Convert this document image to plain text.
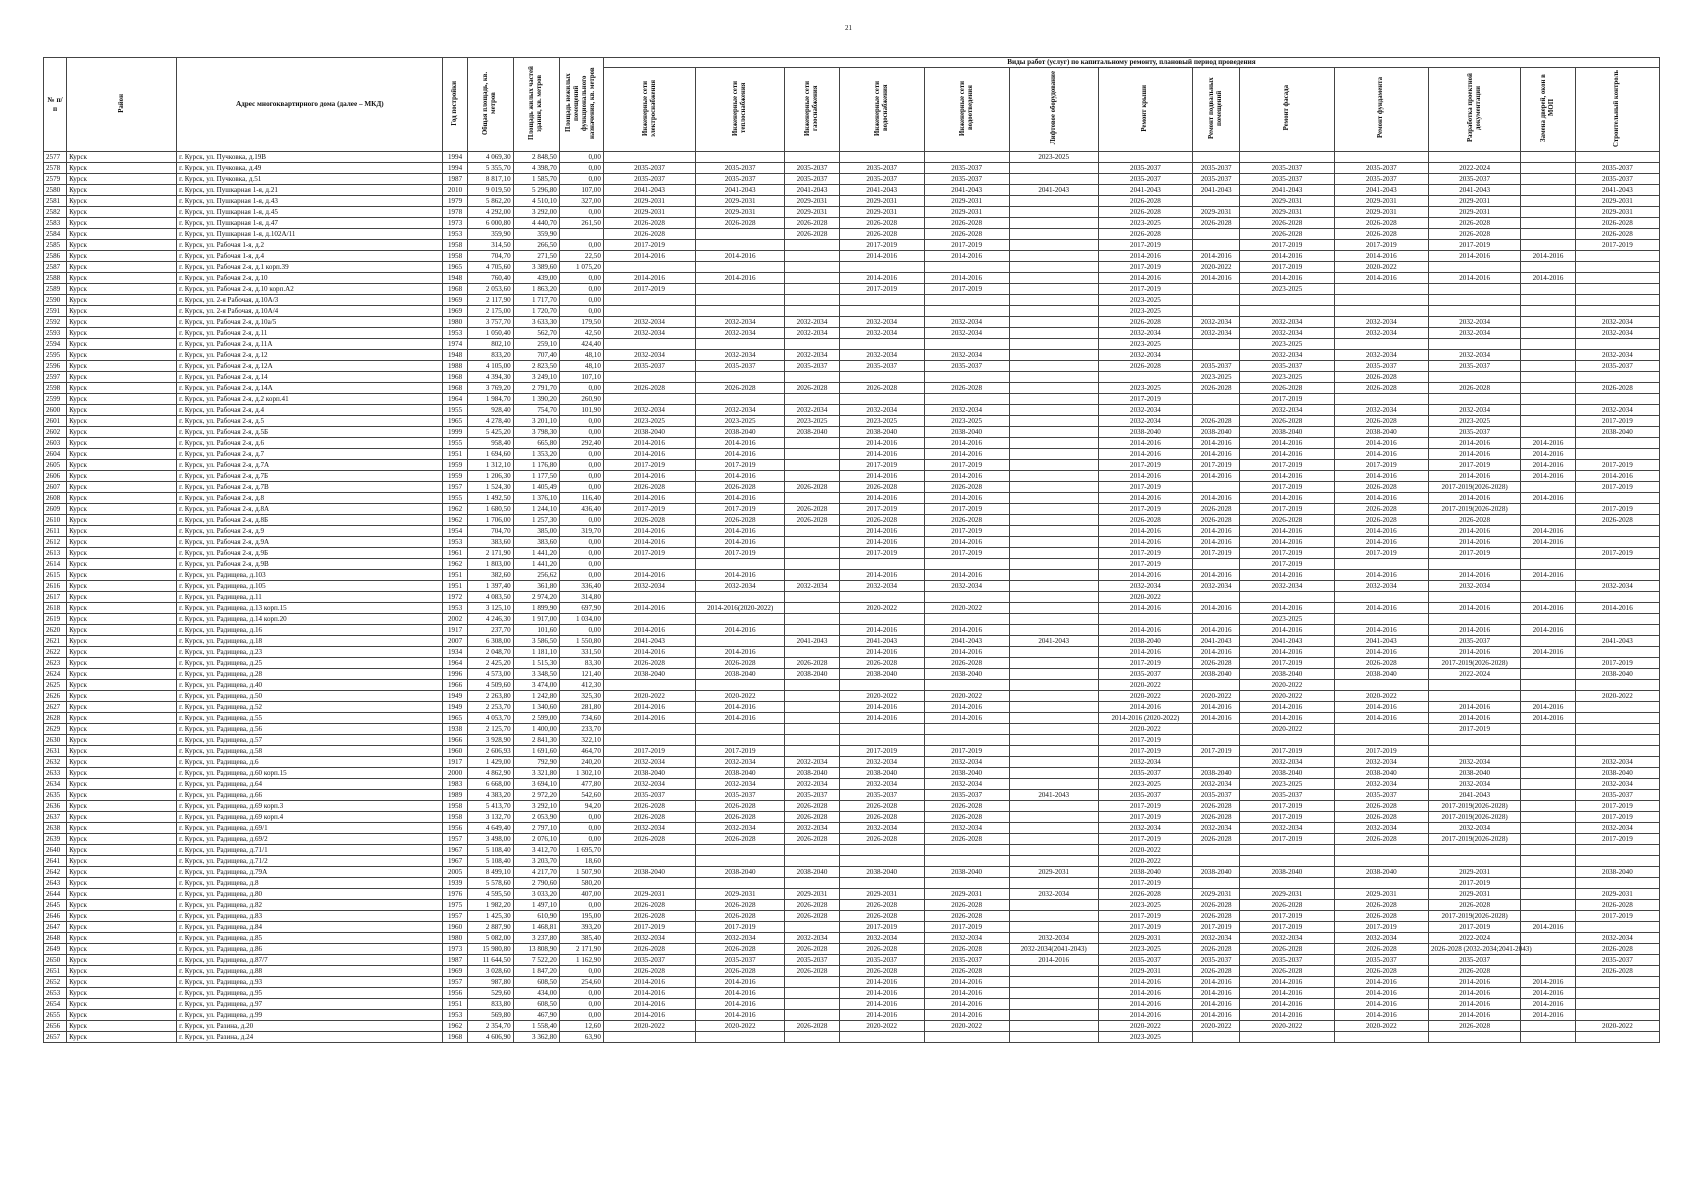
21
№ п/п	Район	Адрес многоквартирного дома (далее – МКД)	Год постройки	Общая площадь, кв. метров	Площадь жилых частей здания, кв. метров	Площадь нежилых помещений функционального назначения, кв. метров	Виды работ (услуг) по капитальному ремонту, плановый период проведения												
							Инженерные сети электроснабжения	Инженерные сети теплоснабжения	Инженерные сети газоснабжения	Инженерные сети водоснабжения	Инженерные сети водоотведения	Лифтовое оборудование	Ремонт крыши	Ремонт подвальных помещений	Ремонт фасада	Ремонт фундамента	Разработка проектной документации	Замена дверей, окон в МОП	Строительный контроль
2577	Курск	г. Курск, ул. Пучковка, д.19В	1994	4 069,30	2 848,50	0,00						2023-2025							
2578	Курск	г. Курск, ул. Пучковка, д.49	1994	5 355,70	4 398,70	0,00	2035-2037	2035-2037	2035-2037	2035-2037	2035-2037		2035-2037	2035-2037	2035-2037	2035-2037	2022-2024		2035-2037
2579	Курск	г. Курск, ул. Пучковка, д.51	1987	8 817,10	1 585,70	0,00	2035-2037	2035-2037	2035-2037	2035-2037	2035-2037		2035-2037	2035-2037	2035-2037	2035-2037	2035-2037		2035-2037
2580	Курск	г. Курск, ул. Пушкарная 1-я, д.21	2010	9 019,50	5 296,80	107,00	2041-2043	2041-2043	2041-2043	2041-2043	2041-2043	2041-2043	2041-2043	2041-2043	2041-2043	2041-2043	2041-2043		2041-2043
2581	Курск	г. Курск, ул. Пушкарная 1-я, д.43	1979	5 862,20	4 510,10	327,00	2029-2031	2029-2031	2029-2031	2029-2031	2029-2031		2026-2028		2029-2031	2029-2031	2029-2031		2029-2031
2582	Курск	г. Курск, ул. Пушкарная 1-я, д.45	1978	4 292,00	3 292,00	0,00	2029-2031	2029-2031	2029-2031	2029-2031	2029-2031		2026-2028	2029-2031	2029-2031	2029-2031	2029-2031		2029-2031
2583	Курск	г. Курск, ул. Пушкарная 1-я, д.47	1973	6 000,80	4 440,70	261,50	2026-2028	2026-2028	2026-2028	2026-2028	2026-2028		2023-2025	2026-2028	2026-2028	2026-2028	2026-2028		2026-2028
2584	Курск	г. Курск, ул. Пушкарная 1-я, д.102А/11	1953	359,90	359,90		2026-2028		2026-2028	2026-2028	2026-2028		2026-2028		2026-2028	2026-2028	2026-2028		2026-2028
2585	Курск	г. Курск, ул. Рабочая 1-я, д.2	1958	314,50	266,50	0,00	2017-2019			2017-2019	2017-2019		2017-2019		2017-2019	2017-2019	2017-2019		2017-2019
2586	Курск	г. Курск, ул. Рабочая 1-я, д.4	1958	704,70	271,50	22,50	2014-2016	2014-2016		2014-2016	2014-2016		2014-2016	2014-2016	2014-2016	2014-2016	2014-2016	2014-2016	
2587	Курск	г. Курск, ул. Рабочая 2-я, д.1 корп.39	1965	4 705,60	3 389,60	1 075,20							2017-2019	2020-2022	2017-2019	2020-2022			
2588	Курск	г. Курск, ул. Рабочая 2-я, д.10	1948	760,40	439,00	0,00	2014-2016	2014-2016		2014-2016	2014-2016		2014-2016	2014-2016	2014-2016	2014-2016	2014-2016	2014-2016	
2589	Курск	г. Курск, ул. Рабочая 2-я, д.10 корп.А2	1968	2 053,60	1 863,20	0,00	2017-2019			2017-2019	2017-2019		2017-2019		2023-2025				
2590	Курск	г. Курск, ул. 2-я Рабочая, д.10А/3	1969	2 117,90	1 717,70	0,00							2023-2025						
2591	Курск	г. Курск, ул. 2-я Рабочая, д.10А/4	1969	2 175,00	1 720,70	0,00							2023-2025						
2592	Курск	г. Курск, ул. Рабочая 2-я, д.10а/5	1980	3 757,70	3 633,30	179,50	2032-2034	2032-2034	2032-2034	2032-2034	2032-2034		2026-2028	2032-2034	2032-2034	2032-2034	2032-2034		2032-2034
2593	Курск	г. Курск, ул. Рабочая 2-я, д.11	1953	1 050,40	562,70	42,50	2032-2034	2032-2034	2032-2034	2032-2034	2032-2034		2032-2034	2032-2034	2032-2034	2032-2034	2032-2034		2032-2034
2594	Курск	г. Курск, ул. Рабочая 2-я, д.11А	1974	802,10	259,10	424,40							2023-2025		2023-2025				
2595	Курск	г. Курск, ул. Рабочая 2-я, д.12	1948	833,20	707,40	48,10	2032-2034	2032-2034	2032-2034	2032-2034	2032-2034		2032-2034		2032-2034	2032-2034	2032-2034		2032-2034
2596	Курск	г. Курск, ул. Рабочая 2-я, д.12А	1988	4 105,00	2 823,50	48,10	2035-2037	2035-2037	2035-2037	2035-2037	2035-2037		2026-2028	2035-2037	2035-2037	2035-2037	2035-2037		2035-2037
2597	Курск	г. Курск, ул. Рабочая 2-я, д.14	1968	4 394,30	3 249,10	107,10								2023-2025	2023-2025	2026-2028			
2598	Курск	г. Курск, ул. Рабочая 2-я, д.14А	1968	3 769,20	2 791,70	0,00	2026-2028	2026-2028	2026-2028	2026-2028	2026-2028		2023-2025	2026-2028	2026-2028	2026-2028	2026-2028		2026-2028
2599	Курск	г. Курск, ул. Рабочая 2-я, д.2 корп.41	1964	1 984,70	1 390,20	260,90							2017-2019		2017-2019				
2600	Курск	г. Курск, ул. Рабочая 2-я, д.4	1955	928,40	754,70	101,90	2032-2034	2032-2034	2032-2034	2032-2034	2032-2034		2032-2034		2032-2034	2032-2034	2032-2034		2032-2034
2601	Курск	г. Курск, ул. Рабочая 2-я, д.5	1965	4 278,40	3 201,10	0,00	2023-2025	2023-2025	2023-2025	2023-2025	2023-2025		2032-2034	2026-2028	2026-2028	2026-2028	2023-2025		2017-2019
2602	Курск	г. Курск, ул. Рабочая 2-я, д.5Б	1999	5 425,20	3 798,30	0,00	2038-2040	2038-2040	2038-2040	2038-2040	2038-2040		2038-2040	2038-2040	2038-2040	2038-2040	2035-2037		2038-2040
2603	Курск	г. Курск, ул. Рабочая 2-я, д.6	1955	958,40	665,80	292,40	2014-2016	2014-2016		2014-2016	2014-2016		2014-2016	2014-2016	2014-2016	2014-2016	2014-2016	2014-2016	
2604	Курск	г. Курск, ул. Рабочая 2-я, д.7	1951	1 694,60	1 353,20	0,00	2014-2016	2014-2016		2014-2016	2014-2016		2014-2016	2014-2016	2014-2016	2014-2016	2014-2016	2014-2016	
2605	Курск	г. Курск, ул. Рабочая 2-я, д.7А	1959	1 312,10	1 176,80	0,00	2017-2019	2017-2019		2017-2019	2017-2019		2017-2019	2017-2019	2017-2019	2017-2019	2017-2019	2014-2016	2017-2019
2606	Курск	г. Курск, ул. Рабочая 2-я, д.7Б	1959	1 206,30	1 177,50	0,00	2014-2016	2014-2016		2014-2016	2014-2016		2014-2016	2014-2016	2014-2016	2014-2016	2014-2016	2014-2016	2014-2016
2607	Курск	г. Курск, ул. Рабочая 2-я, д.7В	1957	1 524,30	1 405,49	0,00	2026-2028	2026-2028	2026-2028	2026-2028	2026-2028		2017-2019		2017-2019	2026-2028	2017-2019(2026-2028)		2017-2019
2608	Курск	г. Курск, ул. Рабочая 2-я, д.8	1955	1 492,50	1 376,10	116,40	2014-2016	2014-2016		2014-2016	2014-2016		2014-2016	2014-2016	2014-2016	2014-2016	2014-2016	2014-2016	
2609	Курск	г. Курск, ул. Рабочая 2-я, д.8А	1962	1 680,50	1 244,10	436,40	2017-2019	2017-2019	2026-2028	2017-2019	2017-2019		2017-2019	2026-2028	2017-2019	2026-2028	2017-2019(2026-2028)		2017-2019
2610	Курск	г. Курск, ул. Рабочая 2-я, д.8Б	1962	1 706,00	1 257,30	0,00	2026-2028	2026-2028	2026-2028	2026-2028	2026-2028		2026-2028	2026-2028	2026-2028	2026-2028	2026-2028		2026-2028
2611	Курск	г. Курск, ул. Рабочая 2-я, д.9	1954	704,70	385,00	319,70	2014-2016	2014-2016		2014-2016	2017-2019		2014-2016	2014-2016	2014-2016	2014-2016	2014-2016	2014-2016	
2612	Курск	г. Курск, ул. Рабочая 2-я, д.9А	1953	383,60	383,60	0,00	2014-2016	2014-2016		2014-2016	2014-2016		2014-2016	2014-2016	2014-2016	2014-2016	2014-2016	2014-2016	
2613	Курск	г. Курск, ул. Рабочая 2-я, д.9Б	1961	2 171,90	1 441,20	0,00	2017-2019	2017-2019		2017-2019	2017-2019		2017-2019	2017-2019	2017-2019	2017-2019	2017-2019		2017-2019
2614	Курск	г. Курск, ул. Рабочая 2-я, д.9В	1962	1 803,00	1 441,20	0,00							2017-2019		2017-2019				
2615	Курск	г. Курск, ул. Радищева, д.103	1951	382,60	256,62	0,00	2014-2016	2014-2016		2014-2016	2014-2016		2014-2016	2014-2016	2014-2016	2014-2016	2014-2016	2014-2016	
2616	Курск	г. Курск, ул. Радищева, д.105	1951	1 397,40	361,80	336,40	2032-2034	2032-2034	2032-2034	2032-2034	2032-2034		2032-2034	2032-2034	2032-2034	2032-2034	2032-2034		2032-2034
2617	Курск	г. Курск, ул. Радищева, д.11	1972	4 083,50	2 974,20	314,80							2020-2022						
2618	Курск	г. Курск, ул. Радищева, д.13 корп.15	1953	3 125,10	1 899,90	697,90	2014-2016	2014-2016(2020-2022)		2020-2022	2020-2022		2014-2016	2014-2016	2014-2016	2014-2016	2014-2016	2014-2016	2014-2016
2619	Курск	г. Курск, ул. Радищева, д.14 корп.20	2002	4 246,30	1 917,00	1 034,00									2023-2025				
2620	Курск	г. Курск, ул. Радищева, д.16	1917	237,70	101,60	0,00	2014-2016	2014-2016		2014-2016	2014-2016		2014-2016	2014-2016	2014-2016	2014-2016	2014-2016	2014-2016	
2621	Курск	г. Курск, ул. Радищева, д.18	2007	6 308,00	3 586,50	1 550,80	2041-2043		2041-2043	2041-2043	2041-2043	2041-2043	2038-2040	2041-2043	2041-2043	2041-2043	2035-2037		2041-2043
2622	Курск	г. Курск, ул. Радищева, д.23	1934	2 048,70	1 181,10	331,50	2014-2016	2014-2016		2014-2016	2014-2016		2014-2016	2014-2016	2014-2016	2014-2016	2014-2016	2014-2016	
2623	Курск	г. Курск, ул. Радищева, д.25	1964	2 425,20	1 515,30	83,30	2026-2028	2026-2028	2026-2028	2026-2028	2026-2028		2017-2019	2026-2028	2017-2019	2026-2028	2017-2019(2026-2028)		2017-2019
2624	Курск	г. Курск, ул. Радищева, д.28	1996	4 573,00	3 348,50	121,40	2038-2040	2038-2040	2038-2040	2038-2040	2038-2040		2035-2037	2038-2040	2038-2040	2038-2040	2022-2024		2038-2040
2625	Курск	г. Курск, ул. Радищева, д.40	1966	4 509,60	3 474,00	412,30							2020-2022		2020-2022				
2626	Курск	г. Курск, ул. Радищева, д.50	1949	2 263,80	1 242,80	325,30	2020-2022	2020-2022		2020-2022	2020-2022		2020-2022	2020-2022	2020-2022	2020-2022			2020-2022
2627	Курск	г. Курск, ул. Радищева, д.52	1949	2 253,70	1 340,60	281,80	2014-2016	2014-2016		2014-2016	2014-2016		2014-2016	2014-2016	2014-2016	2014-2016	2014-2016	2014-2016	
2628	Курск	г. Курск, ул. Радищева, д.55	1965	4 053,70	2 599,00	734,60	2014-2016	2014-2016		2014-2016	2014-2016		2014-2016 (2020-2022)	2014-2016	2014-2016	2014-2016	2014-2016	2014-2016	
2629	Курск	г. Курск, ул. Радищева, д.56	1938	2 125,70	1 400,00	233,70							2020-2022		2020-2022		2017-2019		
2630	Курск	г. Курск, ул. Радищева, д.57	1966	3 928,90	2 841,30	322,10							2017-2019						
2631	Курск	г. Курск, ул. Радищева, д.58	1960	2 606,93	1 691,60	464,70	2017-2019	2017-2019		2017-2019	2017-2019		2017-2019	2017-2019	2017-2019	2017-2019			
2632	Курск	г. Курск, ул. Радищева, д.6	1917	1 429,00	792,90	240,20	2032-2034	2032-2034	2032-2034	2032-2034	2032-2034		2032-2034		2032-2034	2032-2034	2032-2034		2032-2034
2633	Курск	г. Курск, ул. Радищева, д.60 корп.15	2000	4 862,90	3 321,80	1 302,10	2038-2040	2038-2040	2038-2040	2038-2040	2038-2040		2035-2037	2038-2040	2038-2040	2038-2040	2038-2040		2038-2040
2634	Курск	г. Курск, ул. Радищева, д.64	1983	6 668,00	3 694,10	477,80	2032-2034	2032-2034	2032-2034	2032-2034	2032-2034		2023-2025	2032-2034	2023-2025	2032-2034	2032-2034		2032-2034
2635	Курск	г. Курск, ул. Радищева, д.66	1989	4 383,20	2 972,20	542,60	2035-2037	2035-2037	2035-2037	2035-2037	2035-2037	2041-2043	2035-2037	2035-2037	2035-2037	2035-2037	2041-2043		2035-2037
2636	Курск	г. Курск, ул. Радищева, д.69 корп.3	1958	5 413,70	3 292,10	94,20	2026-2028	2026-2028	2026-2028	2026-2028	2026-2028		2017-2019	2026-2028	2017-2019	2026-2028	2017-2019(2026-2028)		2017-2019
2637	Курск	г. Курск, ул. Радищева, д.69 корп.4	1958	3 132,70	2 053,90	0,00	2026-2028	2026-2028	2026-2028	2026-2028	2026-2028		2017-2019	2026-2028	2017-2019	2026-2028	2017-2019(2026-2028)		2017-2019
2638	Курск	г. Курск, ул. Радищева, д.69/1	1956	4 649,40	2 797,10	0,00	2032-2034	2032-2034	2032-2034	2032-2034	2032-2034		2032-2034	2032-2034	2032-2034	2032-2034	2032-2034		2032-2034
2639	Курск	г. Курск, ул. Радищева, д.69/2	1957	3 498,00	2 076,10	0,00	2026-2028	2026-2028	2026-2028	2026-2028	2026-2028		2017-2019	2026-2028	2017-2019	2026-2028	2017-2019(2026-2028)		2017-2019
2640	Курск	г. Курск, ул. Радищева, д.71/1	1967	5 108,40	3 412,70	1 695,70							2020-2022						
2641	Курск	г. Курск, ул. Радищева, д.71/2	1967	5 108,40	3 203,70	18,60							2020-2022						
2642	Курск	г. Курск, ул. Радищева, д.79А	2005	8 499,10	4 217,70	1 507,90	2038-2040	2038-2040	2038-2040	2038-2040	2038-2040	2029-2031	2038-2040	2038-2040	2038-2040	2038-2040	2029-2031		2038-2040
2643	Курск	г. Курск, ул. Радищева, д.8	1939	5 578,60	2 790,60	580,20							2017-2019				2017-2019		
2644	Курск	г. Курск, ул. Радищева, д.80	1976	4 595,50	3 033,20	407,00	2029-2031	2029-2031	2029-2031	2029-2031	2029-2031	2032-2034	2026-2028	2029-2031	2029-2031	2029-2031	2029-2031		2029-2031
2645	Курск	г. Курск, ул. Радищева, д.82	1975	1 982,20	1 497,10	0,00	2026-2028	2026-2028	2026-2028	2026-2028	2026-2028		2023-2025	2026-2028	2026-2028	2026-2028	2026-2028		2026-2028
2646	Курск	г. Курск, ул. Радищева, д.83	1957	1 425,30	610,90	195,00	2026-2028	2026-2028	2026-2028	2026-2028	2026-2028		2017-2019	2026-2028	2017-2019	2026-2028	2017-2019(2026-2028)		2017-2019
2647	Курск	г. Курск, ул. Радищева, д.84	1960	2 887,90	1 468,81	393,20	2017-2019	2017-2019		2017-2019	2017-2019		2017-2019	2017-2019	2017-2019	2017-2019	2017-2019	2014-2016	
2648	Курск	г. Курск, ул. Радищева, д.85	1980	5 082,00	3 237,80	385,40	2032-2034	2032-2034	2032-2034	2032-2034	2032-2034	2032-2034	2029-2031	2032-2034	2032-2034	2032-2034	2022-2024		2032-2034
2649	Курск	г. Курск, ул. Радищева, д.86	1973	15 980,80	13 808,90	2 171,90	2026-2028	2026-2028	2026-2028	2026-2028	2026-2028	2032-2034(2041-2043)	2023-2025	2026-2028	2026-2028	2026-2028	2026-2028 (2032-2034;2041-2043)		2026-2028
2650	Курск	г. Курск, ул. Радищева, д.87/7	1987	11 644,50	7 522,20	1 162,90	2035-2037	2035-2037	2035-2037	2035-2037	2035-2037	2014-2016	2035-2037	2035-2037	2035-2037	2035-2037	2035-2037		2035-2037
2651	Курск	г. Курск, ул. Радищева, д.88	1969	3 028,60	1 847,20	0,00	2026-2028	2026-2028	2026-2028	2026-2028	2026-2028		2029-2031	2026-2028	2026-2028	2026-2028	2026-2028		2026-2028
2652	Курск	г. Курск, ул. Радищева, д.93	1957	987,80	608,50	254,60	2014-2016	2014-2016		2014-2016	2014-2016		2014-2016	2014-2016	2014-2016	2014-2016	2014-2016	2014-2016	
2653	Курск	г. Курск, ул. Радищева, д.95	1956	529,60	434,00	0,00	2014-2016	2014-2016		2014-2016	2014-2016		2014-2016	2014-2016	2014-2016	2014-2016	2014-2016	2014-2016	
2654	Курск	г. Курск, ул. Радищева, д.97	1951	833,80	608,50	0,00	2014-2016	2014-2016		2014-2016	2014-2016		2014-2016	2014-2016	2014-2016	2014-2016	2014-2016	2014-2016	
2655	Курск	г. Курск, ул. Радищева, д.99	1953	569,80	467,90	0,00	2014-2016	2014-2016		2014-2016	2014-2016		2014-2016	2014-2016	2014-2016	2014-2016	2014-2016	2014-2016	
2656	Курск	г. Курск, ул. Разина, д.20	1962	2 354,70	1 558,40	12,60	2020-2022	2020-2022	2026-2028	2020-2022	2020-2022		2020-2022	2020-2022	2020-2022	2020-2022	2026-2028		2020-2022
2657	Курск	г. Курск, ул. Разина, д.24	1968	4 606,90	3 362,80	63,90							2023-2025						
